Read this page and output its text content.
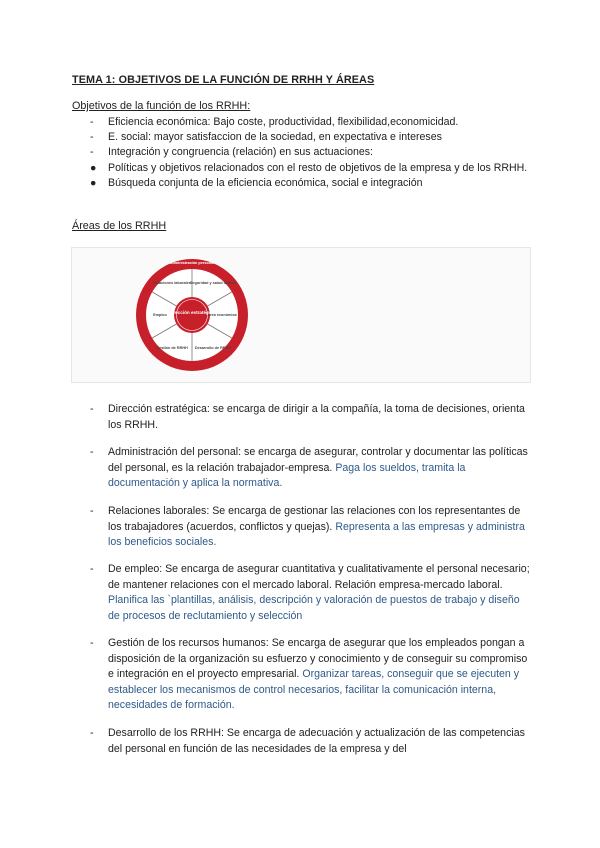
TEMA 1: OBJETIVOS DE LA FUNCIÓN DE RRHH Y ÁREAS
Objetivos de la función de los RRHH:
- Eficiencia económica: Bajo coste, productividad, flexibilidad,economicidad.
- E. social: mayor satisfaccion de la sociedad, en expectativa e intereses
- Integración y congruencia (relación) en sus actuaciones:
● Políticas y objetivos relacionados con el resto de objetivos de la empresa y de los RRHH.
● Búsqueda conjunta de la eficiencia económica, social e integración
Áreas de los RRHH
Administración personal
Dirección estratégica
Seguridad y salud laboral
Área económica
Desarrollo de RRHH
Gestión de RRHH
Empleo
Relaciones laborales
- Dirección estratégica: se encarga de dirigir a la compañía, la toma de decisiones, orienta los RRHH.
- Administración del personal: se encarga de asegurar, controlar y documentar las políticas del personal, es la relación trabajador-empresa. Paga los sueldos, tramita la documentación y aplica la normativa.
- Relaciones laborales: Se encarga de gestionar las relaciones con los representantes de los trabajadores (acuerdos, conflictos y quejas). Representa a las empresas y administra los beneficios sociales.
- De empleo: Se encarga de asegurar cuantitativa y cualitativamente el personal necesario; de mantener relaciones con el mercado laboral. Relación empresa-mercado laboral. Planifica las `plantillas, análisis, descripción y valoración de puestos de trabajo y diseño de procesos de reclutamiento y selección
- Gestión de los recursos humanos: Se encarga de asegurar que los empleados pongan a disposición de la organización su esfuerzo y conocimiento y de conseguir su compromiso e integración en el proyecto empresarial. Organizar tareas, conseguir que se ejecuten y establecer los mecanismos de control necesarios, facilitar la comunicación interna, necesidades de formación.
- Desarrollo de los RRHH: Se encarga de adecuación y actualización de las competencias del personal en función de las necesidades de la empresa y del
